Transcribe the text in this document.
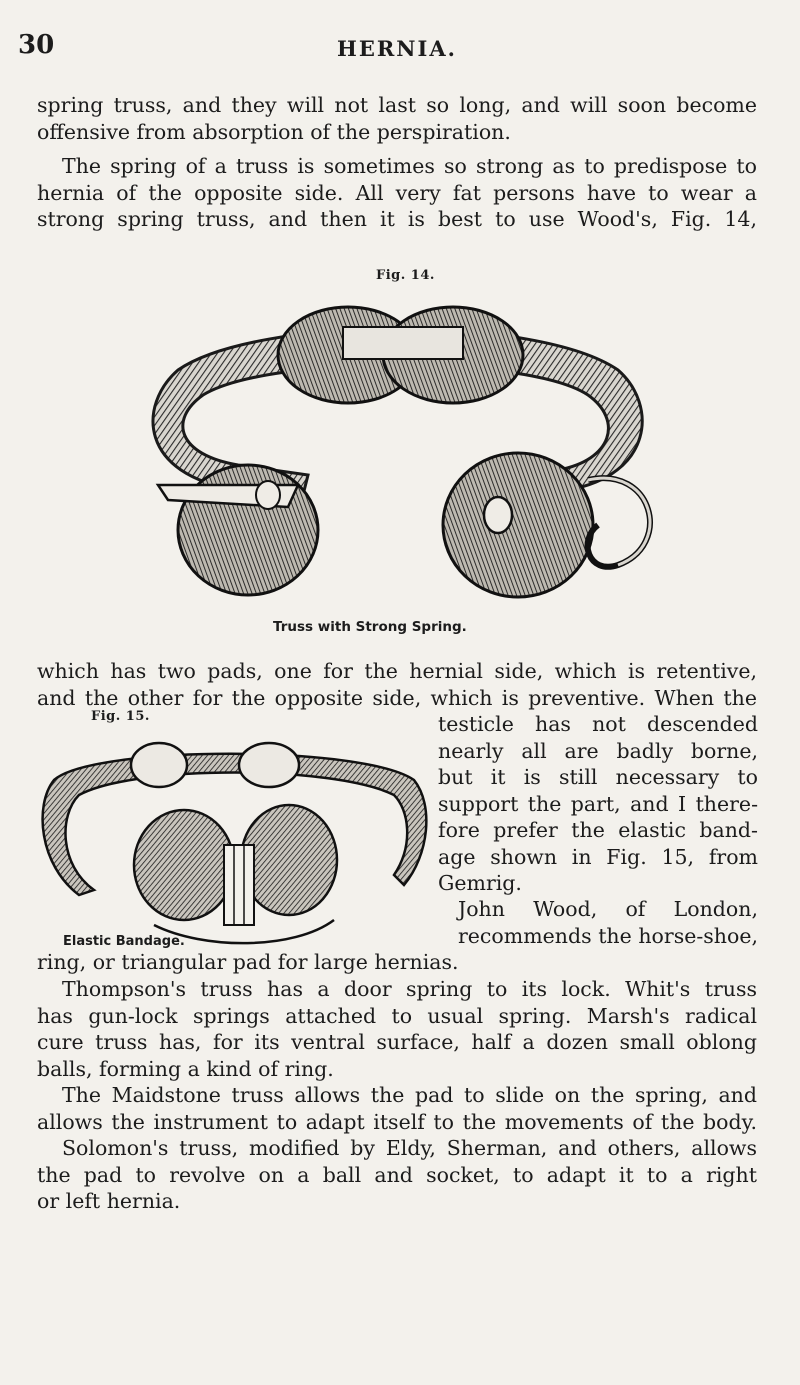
30	HERNIA.
spring truss, and they will not last so long, and will soon become
offensive from absorption of the perspiration.
The spring of a truss is sometimes so strong as to predispose to
hernia of the opposite side. All very fat persons have to wear a
strong spring truss, and then it is best to use Wood's, Fig. 14,
Fig. 14.
Truss with Strong Spring.
which has two pads, one for the hernial side, which is retentive,
and the other for the opposite side, which is preventive. When the
Fig. 15.	testicle has not descended
nearly all are badly borne,
but it is still necessary to
support the part, and I there-
fore prefer the elastic band-
age shown in Fig. 15, from
Gemrig.
John Wood, of London,
recommends the horse-shoe,
Elastic Bandage.
ring, or triangular pad for large hernias.
Thompson's truss has a door spring to its lock. Whit's truss
has gun-lock springs attached to usual spring. Marsh's radical
cure truss has, for its ventral surface, half a dozen small oblong
balls, forming a kind of ring.
The Maidstone truss allows the pad to slide on the spring, and
allows the instrument to adapt itself to the movements of the body.
Solomon's truss, modified by Eldy, Sherman, and others, allows
the pad to revolve on a ball and socket, to adapt it to a right
or left hernia.
